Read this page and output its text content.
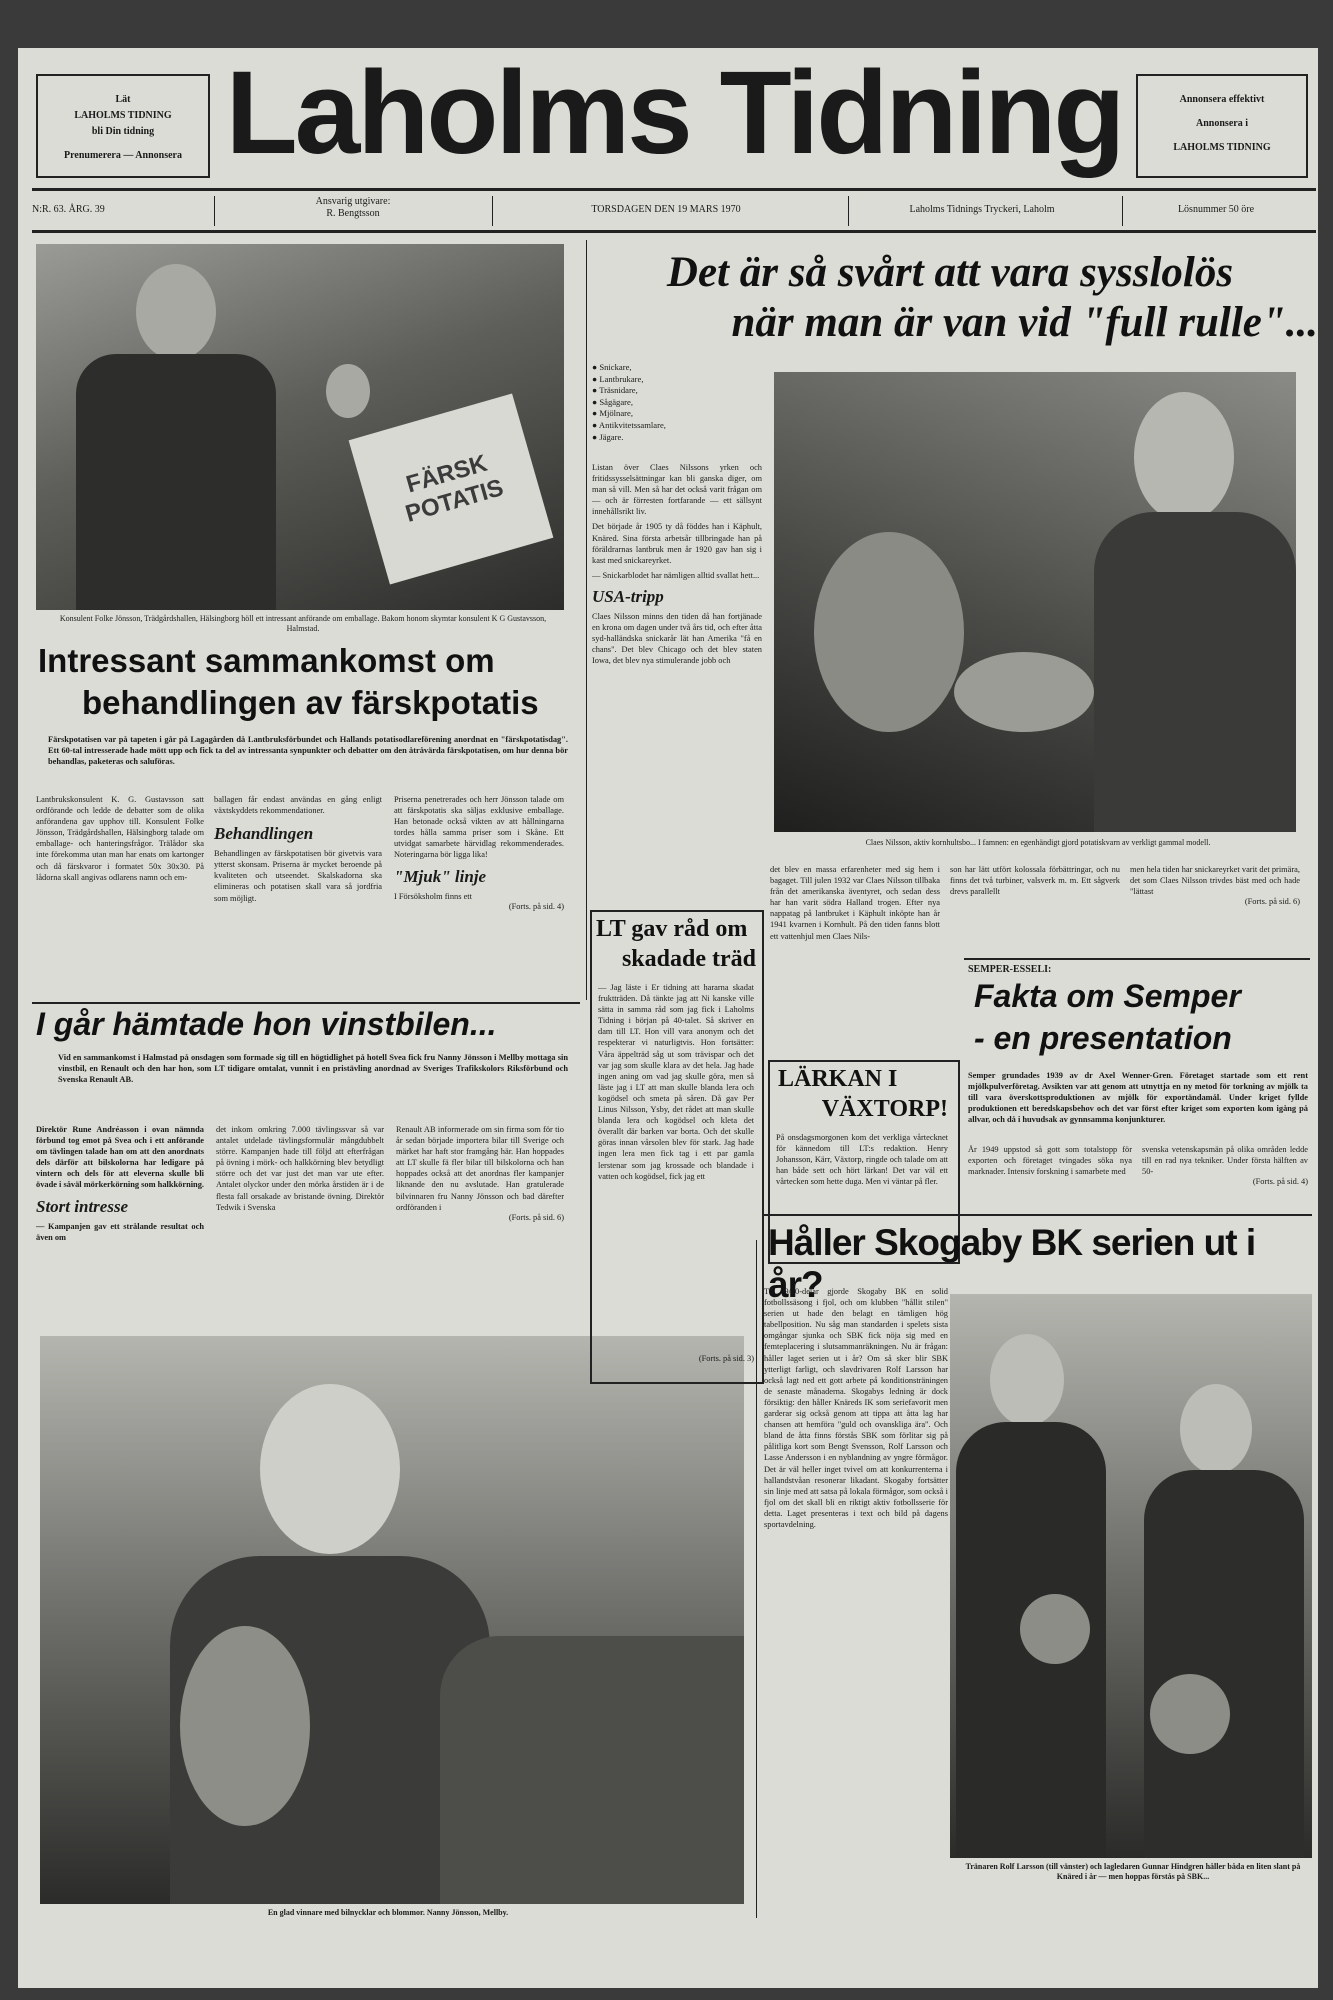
Lät
LAHOLMS TIDNING
bli Din tidning
Prenumerera — Annonsera Laholms Tidning	Annonsera effektivt
Annonsera i
LAHOLMS TIDNING
N:R. 63. ÅRG. 39
Ansvarig utgivare:
R. Bengtsson	TORSDAGEN DEN 19 MARS 1970	Laholms Tidnings Tryckeri, Laholm	Lösnummer 50 öre
FÄRSK POTATIS
Konsulent Folke Jönsson, Trädgårdshallen, Hälsingborg höll ett intressant anförande om emballage. Bakom honom skymtar konsulent K G Gustavsson, Halmstad.
Intressant sammankomst om
behandlingen av färskpotatis
Färskpotatisen var på tapeten i går på Lagagården då Lantbruksförbundet och Hallands potatisodlareförening anordnat en "färskpotatisdag". Ett 60-tal intresserade hade mött upp och fick ta del av intressanta synpunkter och debatter om den åtråvärda färskpotatisen, om hur denna bör behandlas, paketeras och saluföras.
Lantbrukskonsulent K. G. Gustavsson satt ordförande och ledde de debatter som de olika anförandena gav upphov till. Konsulent Folke Jönsson, Trädgårdshallen, Hälsingborg talade om emballage- och hanteringsfrågor. Trälådor ska inte förekomma utan man har enats om kartonger och då färskvaror i formatet 50x 30x30. På lådorna skall angivas odlarens namn och em-
ballagen får endast användas en gång enligt växtskyddets rekommendationer.
Behandlingen
Behandlingen av färskpotatisen bör givetvis vara ytterst skonsam. Priserna är mycket beroende på kvaliteten och utseendet. Skalskadorna ska elimineras och potatisen skall vara så jordfria som möjligt.
Priserna penetrerades och herr Jönsson talade om att färskpotatis ska säljas exklusive emballage. Han betonade också vikten av att hållningarna tordes hålla samma priser som i Skåne. Ett utvidgat samarbete härvidlag rekommenderades. Noteringarna bör ligga lika!
"Mjuk" linje
I Försöksholm finns ett
(Forts. på sid. 4)
I går hämtade hon vinstbilen...
Vid en sammankomst i Halmstad på onsdagen som formade sig till en högtidlighet på hotell Svea fick fru Nanny Jönsson i Mellby mottaga sin vinstbil, en Renault och den har hon, som LT tidigare omtalat, vunnit i en pristävling anordnad av Sveriges Trafikskolors Riksförbund och Svenska Renault AB.
Direktör Rune Andréasson i ovan nämnda förbund tog emot på Svea och i ett anförande om tävlingen talade han om att den anordnats dels därför att bilskolorna har ledigare på vintern och dels för att eleverna skulle bli övade i såväl mörkerkörning som halkkörning.
Stort intresse
— Kampanjen gav ett strålande resultat och även om
det inkom omkring 7.000 tävlingssvar så var antalet utdelade tävlingsformulär mångdubbelt större. Kampanjen hade till följd att efterfrågan på övning i mörk- och halkkörning blev betydligt större och det var just det man var ute efter. Antalet olyckor under den mörka årstiden är i de flesta fall orsakade av bristande övning. Direktör Tedwik i Svenska
Renault AB informerade om sin firma som för tio år sedan började importera bilar till Sverige och märket har haft stor framgång här. Han hoppades att LT skulle fä fler bilar till bilskolorna och han hoppades också att det anordnas fler kampanjer liknande den nu avslutade. Han gratulerade bilvinnaren fru Nanny Jönsson och bad därefter ordföranden i
(Forts. på sid. 6)
En glad vinnare med bilnycklar och blommor. Nanny Jönsson, Mellby.
Det är så svårt att vara sysslolös
när man är van vid "full rulle"...
● Snickare,
● Lantbrukare,
● Träsnidare,
● Sågägare,
● Mjölnare,
● Antikvitetssamlare,
● Jägare.
Listan över Claes Nilssons yrken och fritidssysselsättningar kan bli ganska diger, om man så vill. Men så har det också varit frågan om — och är förresten fortfarande — ett sällsynt innehållsrikt liv.
Det började år 1905 ty då föddes han i Käphult, Knäred. Sina första arbetsår tillbringade han på föräldrarnas lantbruk men år 1920 gav han sig i kast med snickareyrket.
— Snickarblodet har nämligen alltid svallat hett...
USA-tripp
Claes Nilsson minns den tiden då han fortjänade en krona om dagen under två års tid, och efter åtta syd-halländska snickarår lät han Amerika "få en chans". Det blev Chicago och det blev staten Iowa, det blev nya stimulerande jobb och
Claes Nilsson, aktiv kornhultsbo... I famnen: en egenhändigt gjord potatiskvarn av verkligt gammal modell.
det blev en massa erfarenheter med sig hem i bagaget. Till julen 1932 var Claes Nilsson tillbaka från det amerikanska äventyret, och sedan dess har han varit södra Halland trogen. Efter nya nappatag på lantbruket i Käphult inköpte han år 1941 kvarnen i Kornhult. På den tiden fanns blott ett vattenhjul men Claes Nils-
son har lätt utfört kolossala förbättringar, och nu finns det två turbiner, valsverk m. m. Ett sågverk drevs parallellt
men hela tiden har snickareyrket varit det primära, det som Claes Nilsson trivdes bäst med och hade "lättast
(Forts. på sid. 6)
LT gav råd om
skadade träd
— Jag läste i Er tidning att hararna skadat fruktträden. Då tänkte jag att Ni kanske ville sätta in samma råd som jag fick i Laholms Tidning i början på 40-talet. Så skriver en dam till LT. Hon vill vara anonym och det respekterar vi naturligtvis. Hon fortsätter: Våra äppelträd såg ut som trävispar och det var jag som skulle klara av det hela. Jag hade ingen aning om vad jag skulle göra, men så läste jag i LT att man skulle blanda lera och kogödsel och smeta på såren. Då gav Per Linus Nilsson, Ysby, det rådet att man skulle blanda lera och kogödsel och kleta det överallt där barken var borta. Och det skulle göras innan vårsolen blev för stark. Jag hade ingen lera men fick tag i ett par gamla lerstenar som jag krossade och blandade i vatten och kogödsel, fick jag ett
(Forts. på sid. 3)
LÄRKAN I
VÄXTORP!
På onsdagsmorgonen kom det verkliga vårtecknet för kännedom till LT:s redaktion. Henry Johansson, Kärr, Växtorp, ringde och talade om att han både sett och hört lärkan! Det var väl ett vårtecken som hette duga. Men vi väntar på fler.
SEMPER-ESSELI:
Fakta om Semper
- en presentation
Semper grundades 1939 av dr Axel Wenner-Gren. Företaget startade som ett rent mjölkpulverföretag. Avsikten var att genom att utnyttja en ny metod för torkning av mjölk ta till vara överskottsproduktionen av mjölk för exportändamål. Under kriget fyllde produktionen ett beredskapsbehov och det var först efter kriget som exporten kom igång på allvar, och då i huvudsak av gynnsamma konjunkturer.
År 1949 uppstod så gott som totalstopp för exporten och företaget tvingades söka nya marknader. Intensiv forskning i samarbete med
svenska vetenskapsmän på olika områden ledde till en rad nya tekniker. Under första hälften av 50-
(Forts. på sid. 4)
Håller Skogaby BK serien ut i år?
Till 9/10-delar gjorde Skogaby BK en solid fotbollssäsong i fjol, och om klubben "hållit stilen" serien ut hade den belagt en tämligen hög tabellposition. Nu såg man standarden i spelets sista omgångar sjunka och SBK fick nöja sig med en femteplacering i slutsammanräkningen. Nu är frågan: håller laget serien ut i år? Om så sker blir SBK ytterligt farligt, och slavdrivaren Rolf Larsson har också lagt ned ett gott arbete på konditionsträningen de senaste månaderna. Skogabys ledning är dock försiktig: den håller Knäreds IK som seriefavorit men garderar sig också genom att tippa att åtta lag har chansen att hemföra "guld och ovanskliga ära". Och bland de åtta finns förstås SBK som förlitar sig på pålitliga kort som Bengt Svensson, Rolf Larsson och Lasse Andersson i en nyblandning av yngre förmågor. Det är väl heller inget tvivel om att konkurrenterna i hallandstvåan resonerar likadant. Skogaby fortsätter sin linje med att satsa på lokala förmågor, som också i fjol om det skall bli en riktigt aktiv fotbollsserie för detta. Laget presenteras i text och bild på dagens sportavdelning.
Tränaren Rolf Larsson (till vänster) och lagledaren Gunnar Hindgren håller båda en liten slant på Knäred i år — men hoppas förstås på SBK...
